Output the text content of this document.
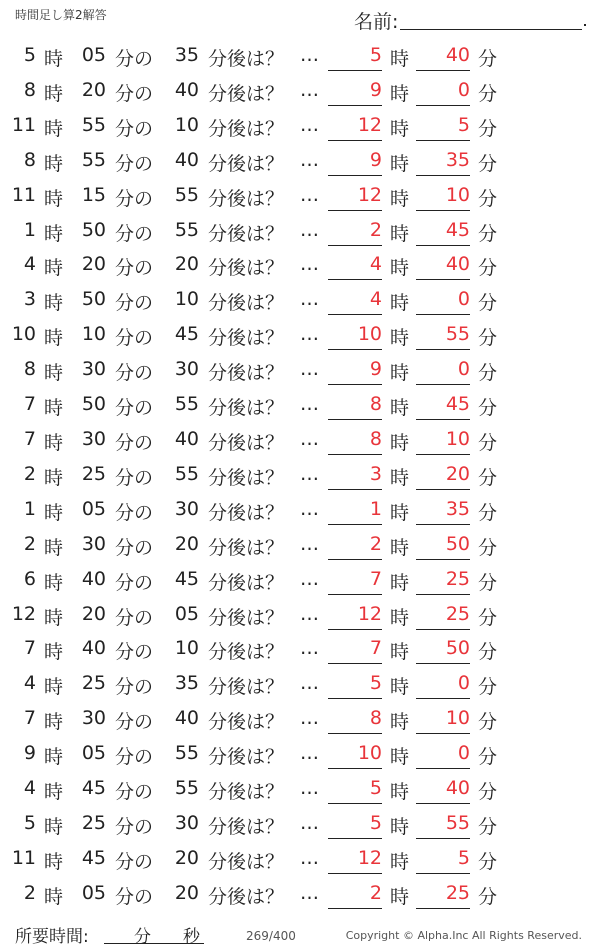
時間足し算2解答	名前:
5 時 05 分の	35 分後は？ …	5 時	40 分
8 時 20 分の	40 分後は？ …	9 時	0 分
11 時 55 分の	10 分後は？ …	12 時	5 分
8 時 55 分の	40 分後は？ …	9 時	35 分
11 時 15 分の	55 分後は？ …	12 時	10 分
1 時 50 分の	55 分後は？ …	2 時	45 分
4 時 20 分の	20 分後は？ …	4 時	40 分
3 時 50 分の	10 分後は？ …	4 時	0 分
10 時 10 分の	45 分後は？ …	10 時	55 分
8 時 30 分の	30 分後は？ …	9 時	0 分
7 時 50 分の	55 分後は？ …	8 時	45 分
7 時 30 分の	40 分後は？ …	8 時	10 分
2 時 25 分の	55 分後は？ …	3 時	20 分
1 時 05 分の	30 分後は？ …	1 時	35 分
2 時 30 分の	20 分後は？ …	2 時	50 分
6 時 40 分の	45 分後は？ …	7 時	25 分
12 時 20 分の	05 分後は？ …	12 時	25 分
7 時 40 分の	10 分後は？ …	7 時	50 分
4 時 25 分の	35 分後は？ …	5 時	0 分
7 時 30 分の	40 分後は？ …	8 時	10 分
9 時 05 分の	55 分後は？ …	10 時	0 分
4 時 45 分の	55 分後は？ …	5 時	40 分
5 時 25 分の	30 分後は？ …	5 時	55 分
11 時 45 分の	20 分後は？ …	12 時	5 分
2 時 05 分の	20 分後は？ …	2 時	25 分
所要時間:	分 秒	269/400	Copyright © Alpha.Inc All Rights Reserved.
